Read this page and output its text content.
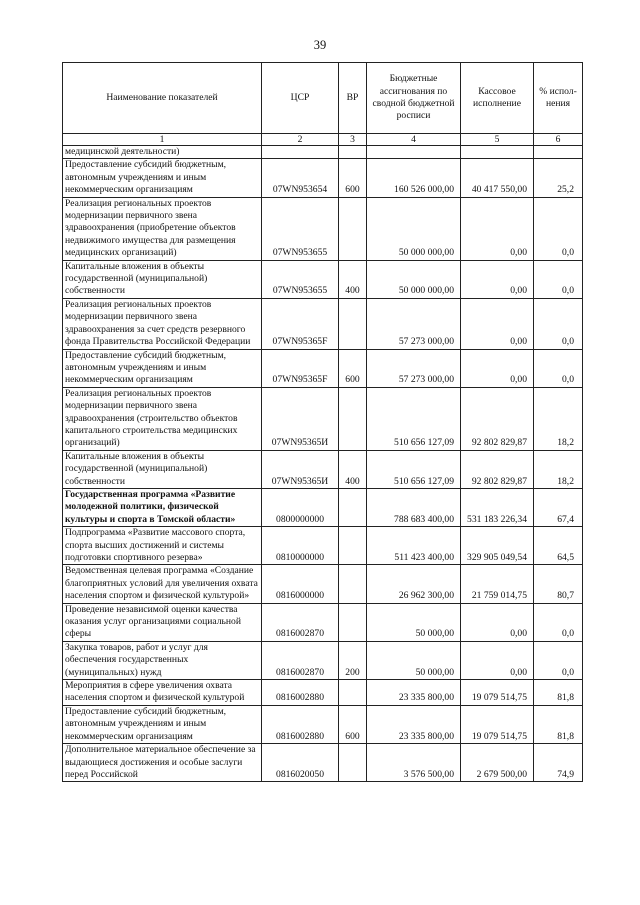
39
Наименование показателей	ЦСР	ВР	Бюджетные ассигнования по сводной бюджетной росписи	Кассовое исполнение	% испол-нения
1	2	3	4	5	6
медицинской деятельности)					
Предоставление субсидий бюджетным, автономным учреждениям и иным некоммерческим организациям	07WN953654	600	160 526 000,00	40 417 550,00	25,2
Реализация региональных проектов модернизации первичного звена здравоохранения (приобретение объектов недвижимого имущества для размещения медицинских организаций)	07WN953655		50 000 000,00	0,00	0,0
Капитальные вложения в объекты государственной (муниципальной) собственности	07WN953655	400	50 000 000,00	0,00	0,0
Реализация региональных проектов модернизации первичного звена здравоохранения за счет средств резервного фонда Правительства Российской Федерации	07WN95365F		57 273 000,00	0,00	0,0
Предоставление субсидий бюджетным, автономным учреждениям и иным некоммерческим организациям	07WN95365F	600	57 273 000,00	0,00	0,0
Реализация региональных проектов модернизации первичного звена здравоохранения (строительство объектов капитального строительства медицинских организаций)	07WN95365И		510 656 127,09	92 802 829,87	18,2
Капитальные вложения в объекты государственной (муниципальной) собственности	07WN95365И	400	510 656 127,09	92 802 829,87	18,2
Государственная программа «Развитие молодежной политики, физической культуры и спорта в Томской области»	0800000000		788 683 400,00	531 183 226,34	67,4
Подпрограмма «Развитие массового спорта, спорта высших достижений и системы подготовки спортивного резерва»	0810000000		511 423 400,00	329 905 049,54	64,5
Ведомственная целевая программа «Создание благоприятных условий для увеличения охвата населения спортом и физической культурой»	0816000000		26 962 300,00	21 759 014,75	80,7
Проведение независимой оценки качества оказания услуг организациями социальной сферы	0816002870		50 000,00	0,00	0,0
Закупка товаров, работ и услуг для обеспечения государственных (муниципальных) нужд	0816002870	200	50 000,00	0,00	0,0
Мероприятия в сфере увеличения охвата населения спортом и физической культурой	0816002880		23 335 800,00	19 079 514,75	81,8
Предоставление субсидий бюджетным, автономным учреждениям и иным некоммерческим организациям	0816002880	600	23 335 800,00	19 079 514,75	81,8
Дополнительное материальное обеспечение за выдающиеся достижения и особые заслуги перед Российской	0816020050		3 576 500,00	2 679 500,00	74,9
